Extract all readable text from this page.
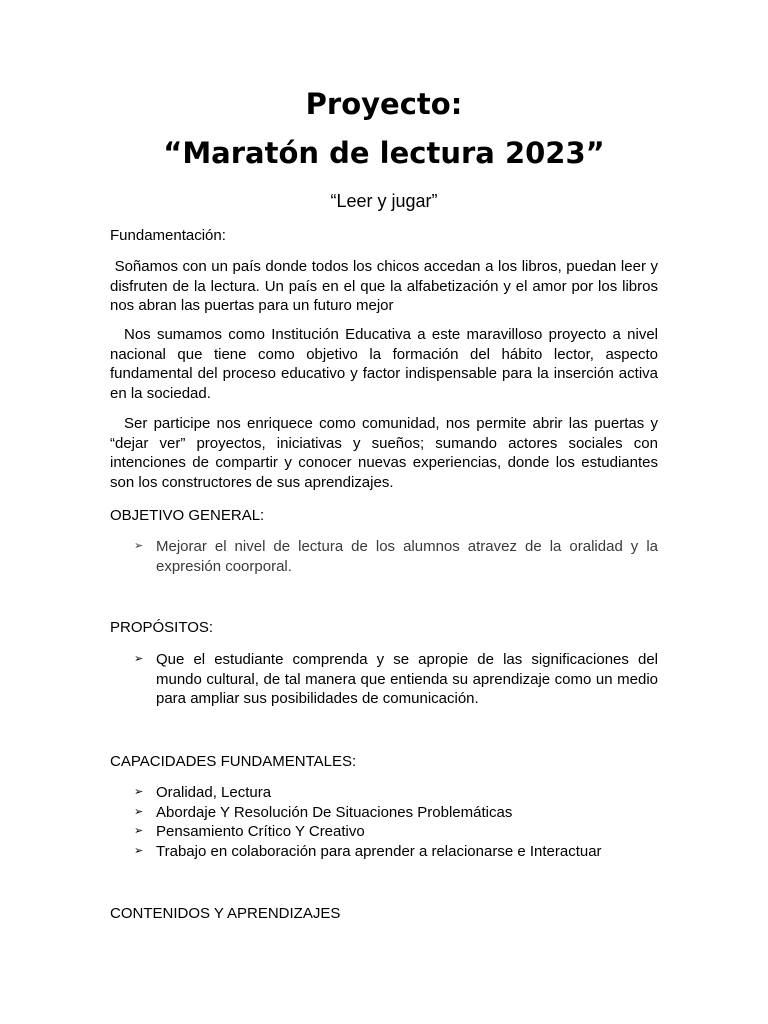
Proyecto:
“Maratón de lectura 2023”

“Leer y jugar”

Fundamentación:

Soñamos con un país donde todos los chicos accedan a los libros, puedan leer y disfruten de la lectura. Un país en el que la alfabetización y el amor por los libros nos abran las puertas para un futuro mejor

Nos sumamos como Institución Educativa a este maravilloso proyecto a nivel nacional que tiene como objetivo la formación del hábito lector, aspecto fundamental del proceso educativo y factor indispensable para la inserción activa en la sociedad.

Ser participe nos enriquece como comunidad, nos permite abrir las puertas y “dejar ver” proyectos, iniciativas y sueños; sumando actores sociales con intenciones de compartir y conocer nuevas experiencias, donde los estudiantes son los constructores de sus aprendizajes.

OBJETIVO GENERAL:

➢ Mejorar el nivel de lectura de los alumnos atravez de la oralidad y la expresión coorporal.

PROPÓSITOS:

➢ Que el estudiante comprenda y se apropie de las significaciones del mundo cultural, de tal manera que entienda su aprendizaje como un medio para ampliar sus posibilidades de comunicación.

CAPACIDADES FUNDAMENTALES:

➢ Oralidad, Lectura
➢ Abordaje Y Resolución De Situaciones Problemáticas
➢ Pensamiento Crítico Y Creativo
➢ Trabajo en colaboración para aprender a relacionarse e Interactuar

CONTENIDOS Y APRENDIZAJES
